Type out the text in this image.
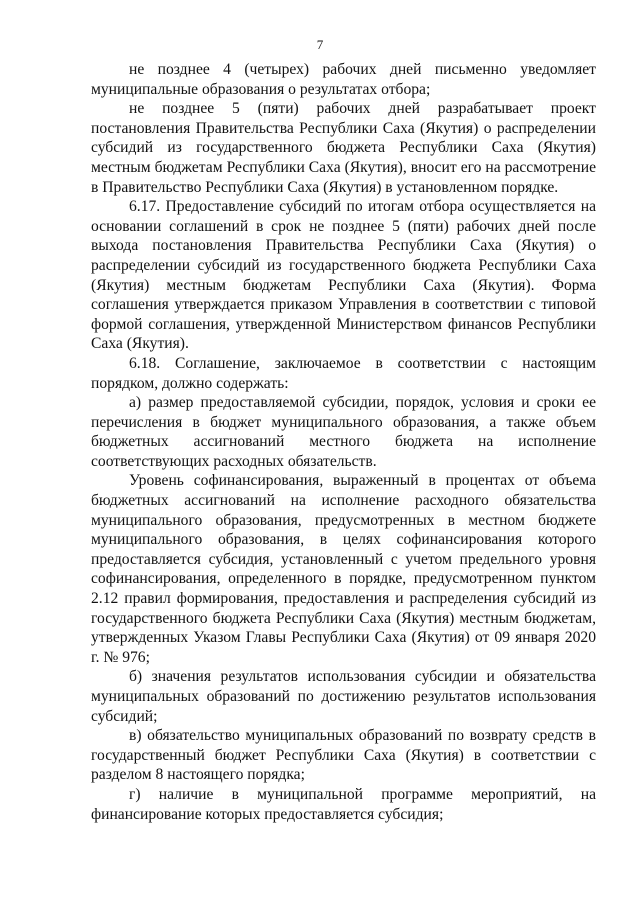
7

не позднее 4 (четырех) рабочих дней письменно уведомляет муниципальные образования о результатах отбора;

не позднее 5 (пяти) рабочих дней разрабатывает проект постановления Правительства Республики Саха (Якутия) о распределении субсидий из государственного бюджета Республики Саха (Якутия) местным бюджетам Республики Саха (Якутия), вносит его на рассмотрение в Правительство Республики Саха (Якутия) в установленном порядке.

6.17. Предоставление субсидий по итогам отбора осуществляется на основании соглашений в срок не позднее 5 (пяти) рабочих дней после выхода постановления Правительства Республики Саха (Якутия) о распределении субсидий из государственного бюджета Республики Саха (Якутия) местным бюджетам Республики Саха (Якутия). Форма соглашения утверждается приказом Управления в соответствии с типовой формой соглашения, утвержденной Министерством финансов Республики Саха (Якутия).

6.18. Соглашение, заключаемое в соответствии с настоящим порядком, должно содержать:

а) размер предоставляемой субсидии, порядок, условия и сроки ее перечисления в бюджет муниципального образования, а также объем бюджетных ассигнований местного бюджета на исполнение соответствующих расходных обязательств.

Уровень софинансирования, выраженный в процентах от объема бюджетных ассигнований на исполнение расходного обязательства муниципального образования, предусмотренных в местном бюджете муниципального образования, в целях софинансирования которого предоставляется субсидия, установленный с учетом предельного уровня софинансирования, определенного в порядке, предусмотренном пунктом 2.12 правил формирования, предоставления и распределения субсидий из государственного бюджета Республики Саха (Якутия) местным бюджетам, утвержденных Указом Главы Республики Саха (Якутия) от 09 января 2020 г. № 976;

б) значения результатов использования субсидии и обязательства муниципальных образований по достижению результатов использования субсидий;

в) обязательство муниципальных образований по возврату средств в государственный бюджет Республики Саха (Якутия) в соответствии с разделом 8 настоящего порядка;

г) наличие в муниципальной программе мероприятий, на финансирование которых предоставляется субсидия;
